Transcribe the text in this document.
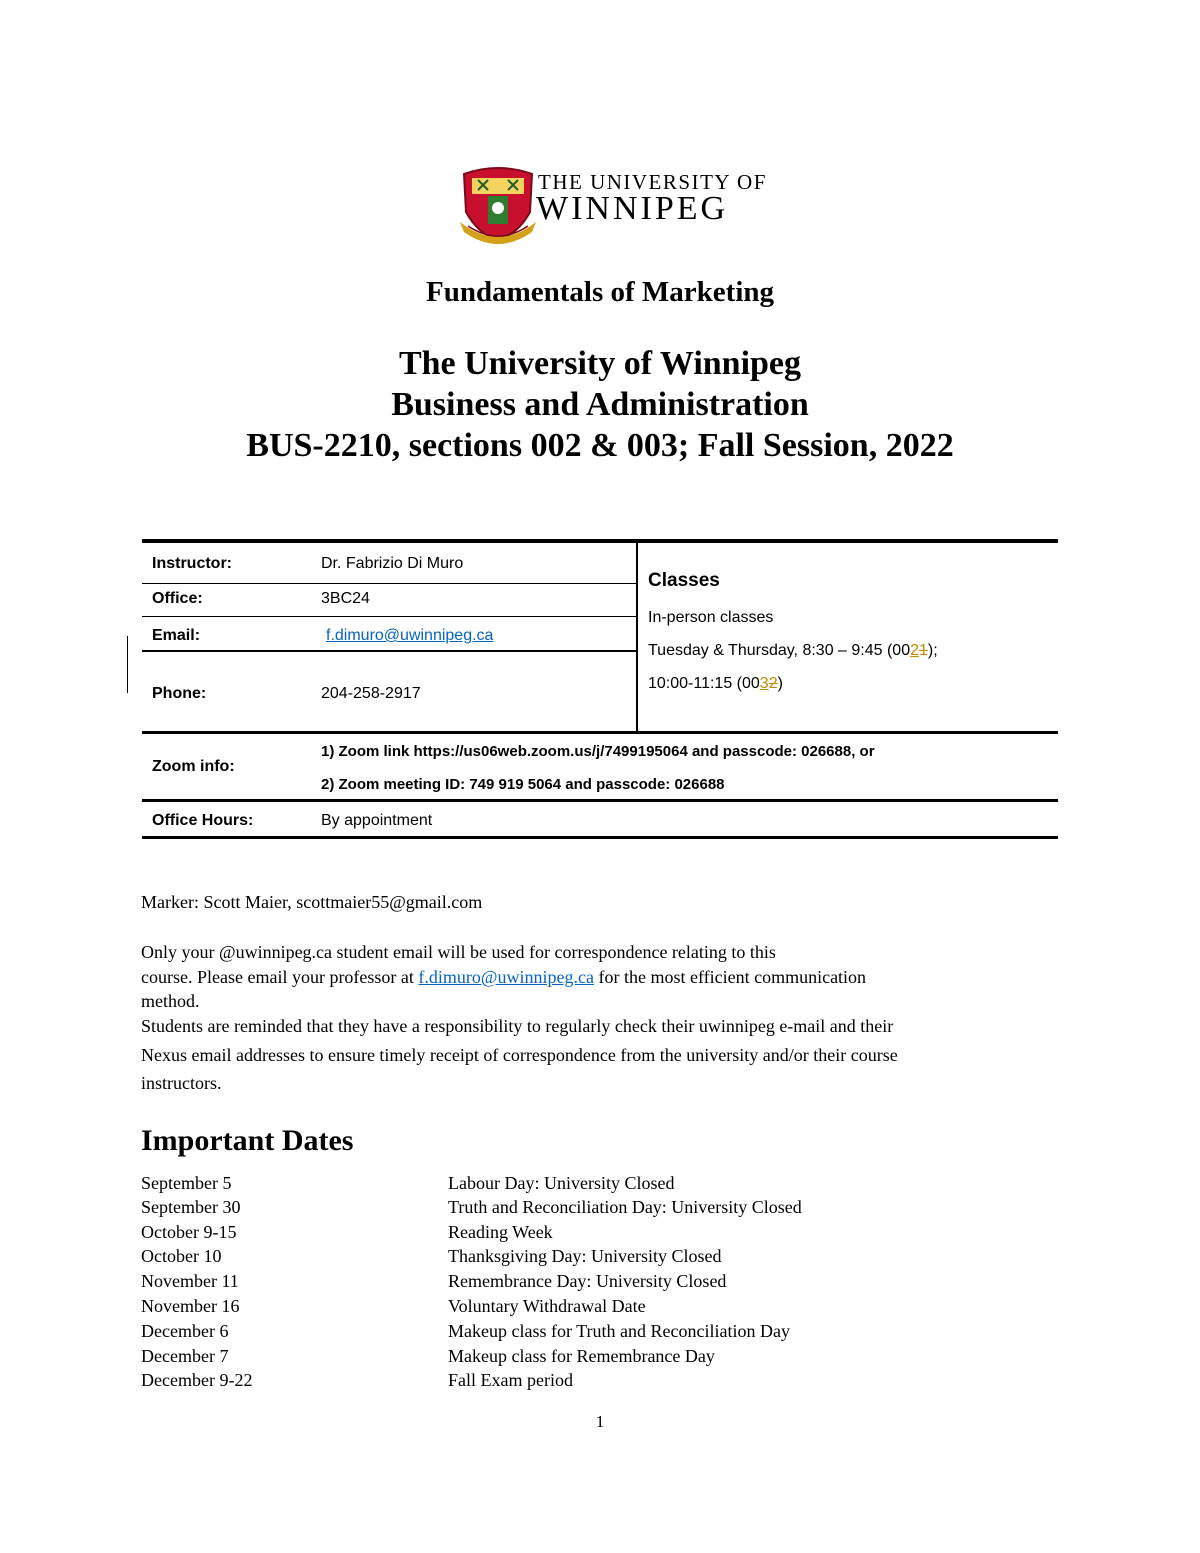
THE UNIVERSITY OF
WINNIPEG
Fundamentals of Marketing
The University of Winnipeg
Business and Administration
BUS-2210, sections 002 & 003; Fall Session, 2022
Instructor:	Dr. Fabrizio Di Muro
Office:	3BC24
Email:	f.dimuro@uwinnipeg.ca
Phone:	204-258-2917
Classes
In-person classes
Tuesday & Thursday, 8:30 – 9:45 (0021);
10:00-11:15 (0032)
Zoom info:
1) Zoom link https://us06web.zoom.us/j/7499195064 and passcode: 026688, or
2) Zoom meeting ID: 749 919 5064 and passcode: 026688
Office Hours:	By appointment
Marker: Scott Maier, scottmaier55@gmail.com
Only your @uwinnipeg.ca student email will be used for correspondence relating to this
course. Please email your professor at f.dimuro@uwinnipeg.ca for the most efficient communication
method.
Students are reminded that they have a responsibility to regularly check their uwinnipeg e-mail and their
Nexus email addresses to ensure timely receipt of correspondence from the university and/or their course
instructors.
Important Dates
September 5	Labour Day: University Closed
September 30	Truth and Reconciliation Day: University Closed
October 9-15	Reading Week
October 10	Thanksgiving Day: University Closed
November 11	Remembrance Day: University Closed
November 16	Voluntary Withdrawal Date
December 6	Makeup class for Truth and Reconciliation Day
December 7	Makeup class for Remembrance Day
December 9-22	Fall Exam period
1
